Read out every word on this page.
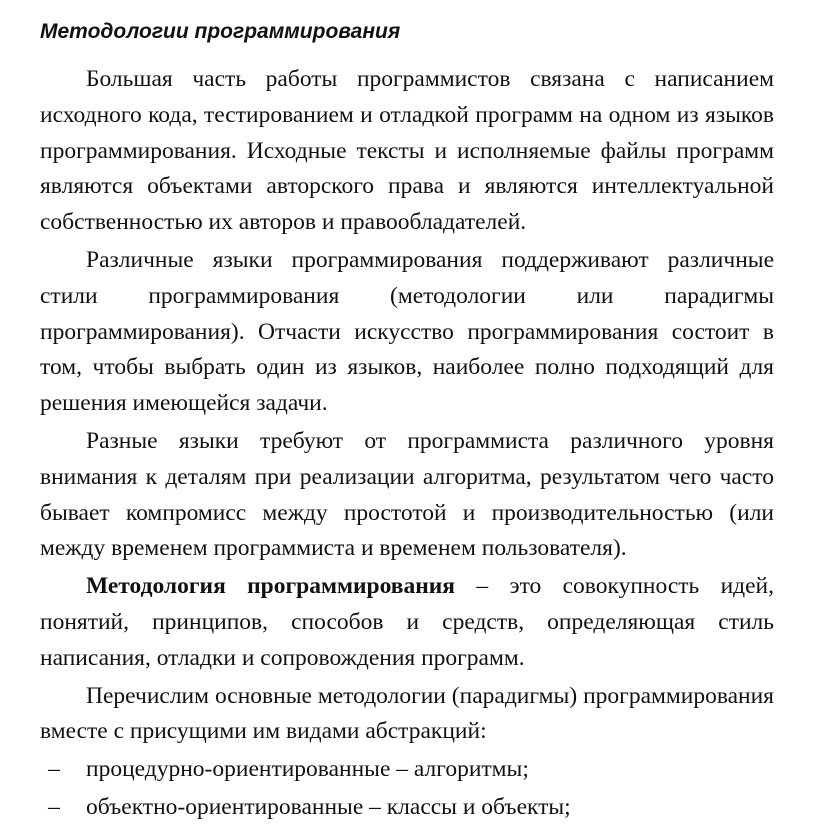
Методологии программирования

Большая часть работы программистов связана с написанием исходного кода, тестированием и отладкой программ на одном из языков программирования. Исходные тексты и исполняемые файлы программ являются объектами авторского права и являются интеллектуальной собственностью их авторов и правообладателей.

Различные языки программирования поддерживают различные стили программирования (методологии или парадигмы программирования). Отчасти искусство программирования состоит в том, чтобы выбрать один из языков, наиболее полно подходящий для решения имеющейся задачи.

Разные языки требуют от программиста различного уровня внимания к деталям при реализации алгоритма, результатом чего часто бывает компромисс между простотой и производительностью (или между временем программиста и временем пользователя).

Методология программирования – это совокупность идей, понятий, принципов, способов и средств, определяющая стиль написания, отладки и сопровождения программ.

Перечислим основные методологии (парадигмы) программирования вместе с присущими им видами абстракций:

–	процедурно-ориентированные – алгоритмы;
–	объектно-ориентированные – классы и объекты;
